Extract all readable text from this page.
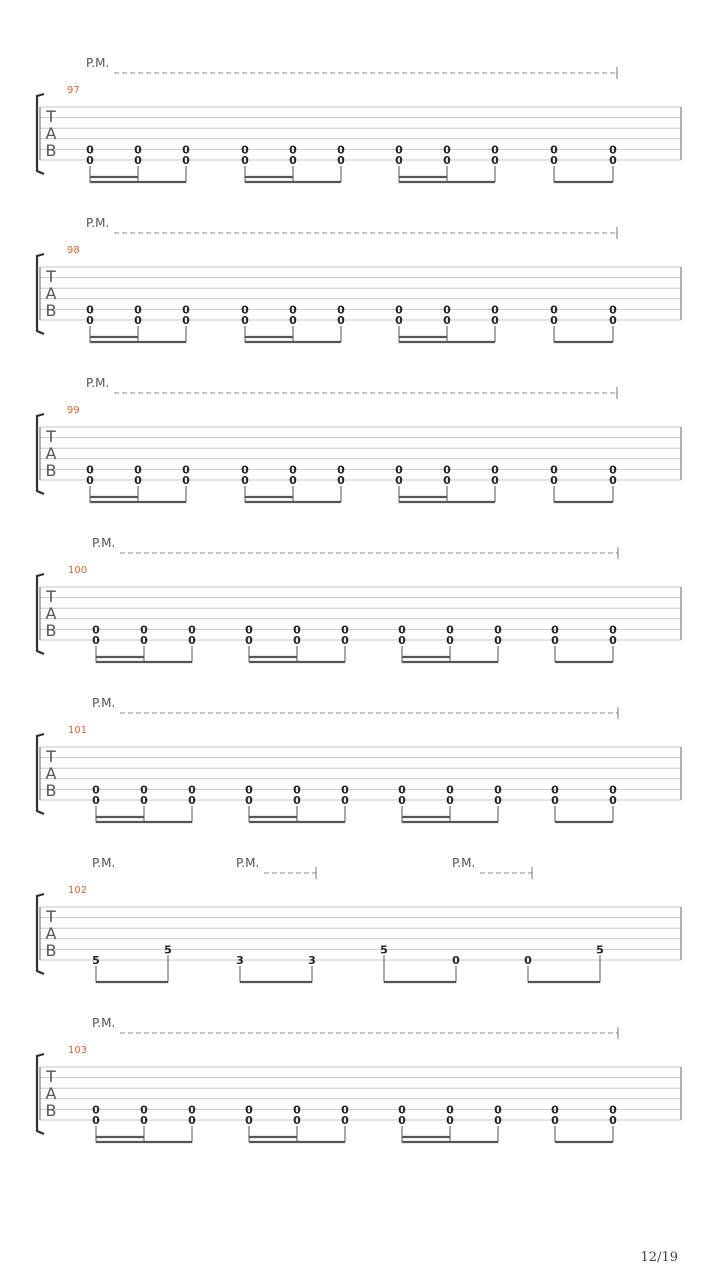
P.M.
97
T
A
B	0
0
0
0
0
0
0
0
0
0
0
0
0
0
0
0
0
0
0
0
0
0
P.M.
98
T
A
B	0
0
0
0
0
0
0
0
0
0
0
0
0
0
0
0
0
0
0
0
0
0
P.M.
99
T
A
B	0
0
0
0
0
0
0
0
0
0
0
0
0
0
0
0
0
0
0
0
0
0
P.M.
100
T
A
B	0
0
0
0
0
0
0
0
0
0
0
0
0
0
0
0
0
0
0
0
0
0
P.M.
101
T
A
B	0
0
0
0
0
0
0
0
0
0
0
0
0
0
0
0
0
0
0
0
0
0
P.M.	P.M.	P.M.
102
T
A
B
5
5
3	3
5
0	0
5
P.M.
103
T
A
B	0
0
0
0
0
0
0
0
0
0
0
0
0
0
0
0
0
0
0
0
0
0
12/19
